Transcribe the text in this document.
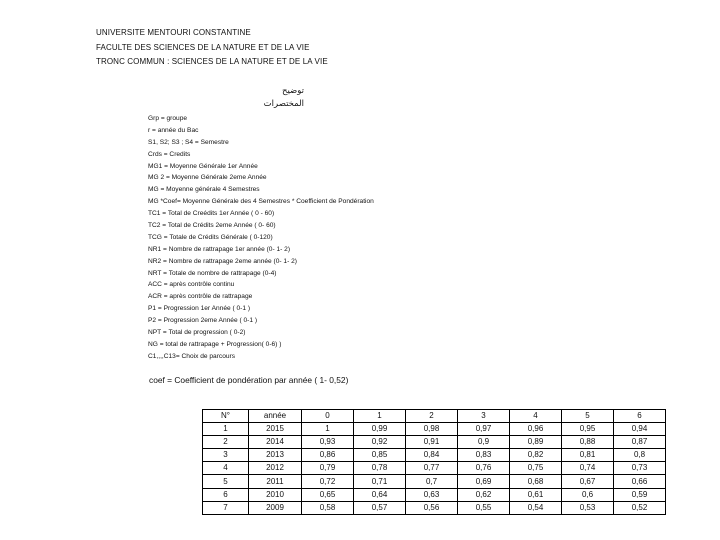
UNIVERSITE MENTOURI CONSTANTINE
FACULTE DES SCIENCES DE LA NATURE ET DE LA VIE
TRONC COMMUN : SCIENCES DE LA NATURE ET DE LA VIE
توضيح
المختصرات
Grp = groupe
r = année du Bac
S1, S2; S3 ; S4 = Semestre
Crds = Credits
MG1 = Moyenne Générale 1er Année
MG 2 = Moyenne Générale 2eme Année
MG = Moyenne générale 4 Semestres
MG *Coef= Moyenne Générale des 4 Semestres * Coefficient de Pondération
TC1 = Total de Creédits 1er Année ( 0 - 60)
TC2 = Total de Crédits 2eme Année ( 0- 60)
TCG = Totale de Crédits Générale ( 0-120)
NR1 = Nombre de rattrapage 1er année (0- 1- 2)
NR2 = Nombre de rattrapage 2eme année (0- 1- 2)
NRT = Totale de nombre de rattrapage (0-4)
ACC = après contrôle continu
ACR = après contrôle de rattrapage
P1 = Progression 1er Année ( 0-1 )
P2 = Progression 2eme Année ( 0-1 )
NPT = Total de progression ( 0-2)
NG = total de rattrapage + Progression( 0-6) )
C1,,,,C13= Choix de parcours
coef = Coefficient de pondération par année ( 1- 0,52)
N°	année	0	1	2	3	4	5	6
1	2015	1	0,99	0,98	0,97	0,96	0,95	0,94
2	2014	0,93	0,92	0,91	0,9	0,89	0,88	0,87
3	2013	0,86	0,85	0,84	0,83	0,82	0,81	0,8
4	2012	0,79	0,78	0,77	0,76	0,75	0,74	0,73
5	2011	0,72	0,71	0,7	0,69	0,68	0,67	0,66
6	2010	0,65	0,64	0,63	0,62	0,61	0,6	0,59
7	2009	0,58	0,57	0,56	0,55	0,54	0,53	0,52
